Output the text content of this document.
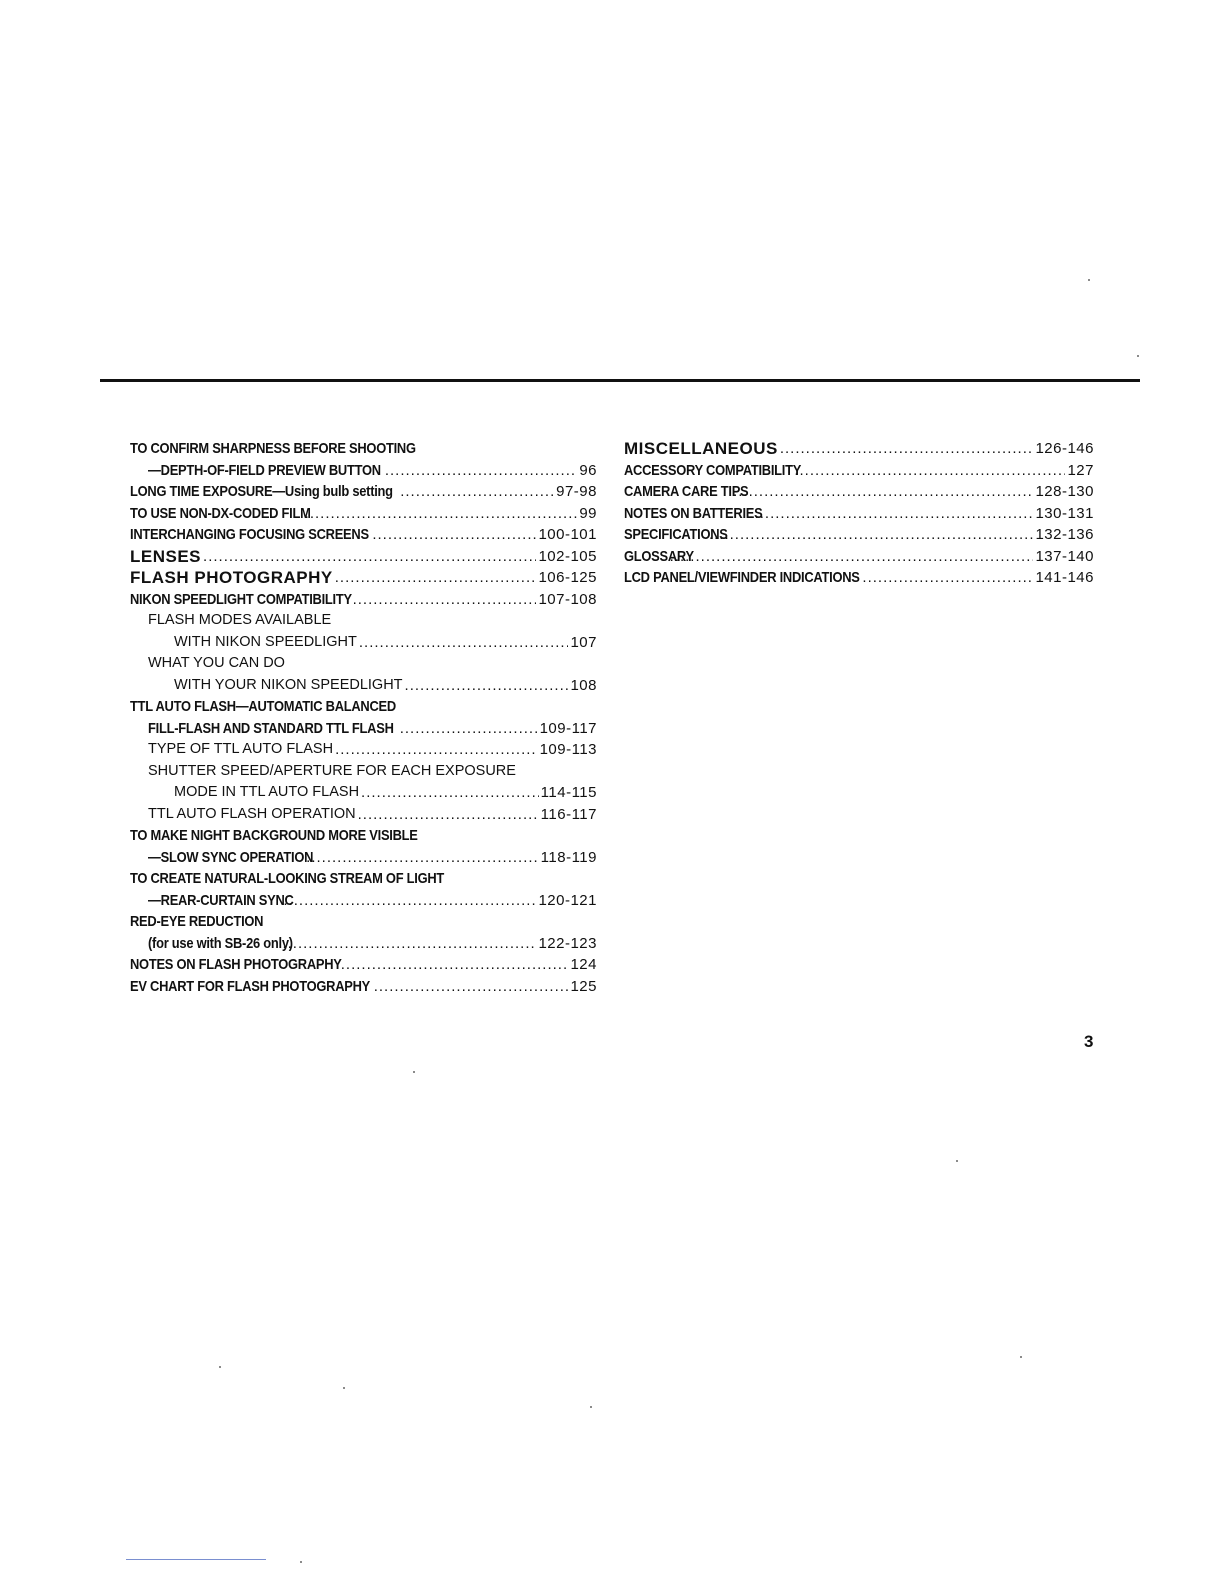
TO CONFIRM SHARPNESS BEFORE SHOOTING
—DEPTH-OF-FIELD PREVIEW BUTTON .....	96
LONG TIME EXPOSURE—Using bulb setting .....	97-98
TO USE NON-DX-CODED FILM .....	99
INTERCHANGING FOCUSING SCREENS .....	100-101
LENSES .....	102-105
FLASH PHOTOGRAPHY .....	106-125
NIKON SPEEDLIGHT COMPATIBILITY .....	107-108
FLASH MODES AVAILABLE
WITH NIKON SPEEDLIGHT .....	107
WHAT YOU CAN DO
WITH YOUR NIKON SPEEDLIGHT .....	108
TTL AUTO FLASH—AUTOMATIC BALANCED
FILL-FLASH AND STANDARD TTL FLASH .....	109-117
TYPE OF TTL AUTO FLASH .....	109-113
SHUTTER SPEED/APERTURE FOR EACH EXPOSURE
MODE IN TTL AUTO FLASH .....	114-115
TTL AUTO FLASH OPERATION .....	116-117
TO MAKE NIGHT BACKGROUND MORE VISIBLE
—SLOW SYNC OPERATION .....	118-119
TO CREATE NATURAL-LOOKING STREAM OF LIGHT
—REAR-CURTAIN SYNC .....	120-121
RED-EYE REDUCTION
(for use with SB-26 only) .....	122-123
NOTES ON FLASH PHOTOGRAPHY .....	124
EV CHART FOR FLASH PHOTOGRAPHY .....	125
MISCELLANEOUS .....	126-146
ACCESSORY COMPATIBILITY .....	127
CAMERA CARE TIPS .....	128-130
NOTES ON BATTERIES .....	130-131
SPECIFICATIONS .....	132-136
GLOSSARY .....	137-140
LCD PANEL/VIEWFINDER INDICATIONS .....	141-146
3
